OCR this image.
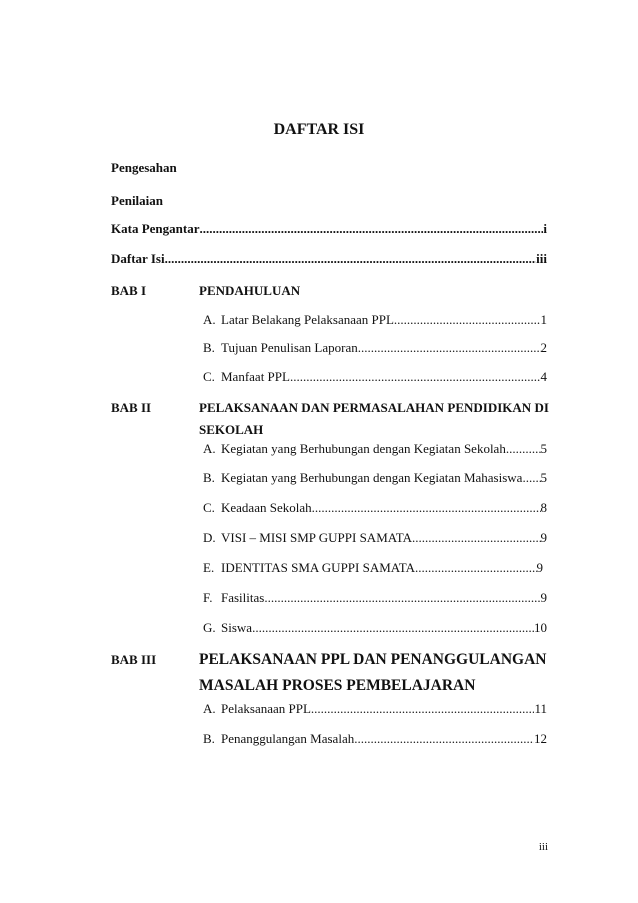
DAFTAR ISI
Pengesahan
Penilaian
Kata Pengantar .....	i
Daftar Isi .....	iii
BAB I	PENDAHULUAN
A. Latar Belakang Pelaksanaan PPL .....	1
B. Tujuan Penulisan Laporan .....	2
C. Manfaat PPL .....	4
BAB II	PELAKSANAAN DAN PERMASALAHAN PENDIDIKAN DI
SEKOLAH
A. Kegiatan yang Berhubungan dengan Kegiatan Sekolah .....	5
B. Kegiatan yang Berhubungan dengan Kegiatan Mahasiswa ..... 5
C. Keadaan Sekolah .....	8
D. VISI – MISI SMP GUPPI SAMATA .....	9
E. IDENTITAS SMA GUPPI SAMATA .....	9
F. Fasilitas .....	9
G. Siswa .....	10
BAB III	PELAKSANAAN PPL DAN PENANGGULANGAN
MASALAH PROSES PEMBELAJARAN
A. Pelaksanaan PPL .....	11
B. Penanggulangan Masalah .....	12
iii
